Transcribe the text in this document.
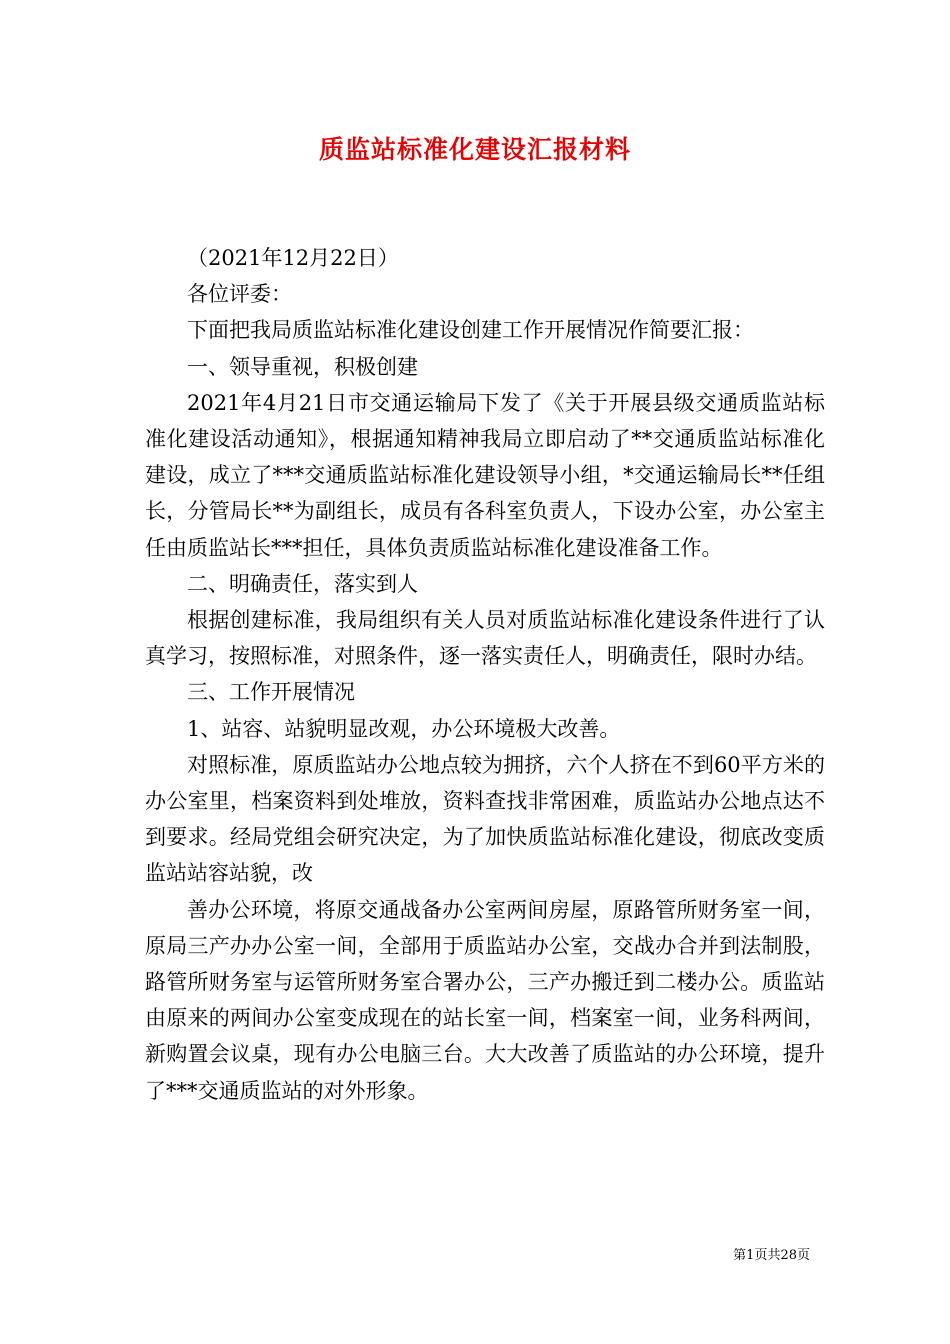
质监站标准化建设汇报材料

（2021年12月22日）

各位评委：

下面把我局质监站标准化建设创建工作开展情况作简要汇报：

一、领导重视，积极创建

2021年4月21日市交通运输局下发了《关于开展县级交通质监站标准化建设活动通知》，根据通知精神我局立即启动了**交通质监站标准化建设，成立了***交通质监站标准化建设领导小组，*交通运输局长**任组长，分管局长**为副组长，成员有各科室负责人，下设办公室，办公室主任由质监站长***担任，具体负责质监站标准化建设准备工作。

二、明确责任，落实到人

根据创建标准，我局组织有关人员对质监站标准化建设条件进行了认真学习，按照标准，对照条件，逐一落实责任人，明确责任，限时办结。

三、工作开展情况

1、站容、站貌明显改观，办公环境极大改善。

对照标准，原质监站办公地点较为拥挤，六个人挤在不到60平方米的办公室里，档案资料到处堆放，资料查找非常困难，质监站办公地点达不到要求。经局党组会研究决定，为了加快质监站标准化建设，彻底改变质监站站容站貌，改

善办公环境，将原交通战备办公室两间房屋，原路管所财务室一间，原局三产办办公室一间，全部用于质监站办公室，交战办合并到法制股，路管所财务室与运管所财务室合署办公，三产办搬迁到二楼办公。质监站由原来的两间办公室变成现在的站长室一间，档案室一间，业务科两间，新购置会议桌，现有办公电脑三台。大大改善了质监站的办公环境，提升了***交通质监站的对外形象。

第1页共28页
